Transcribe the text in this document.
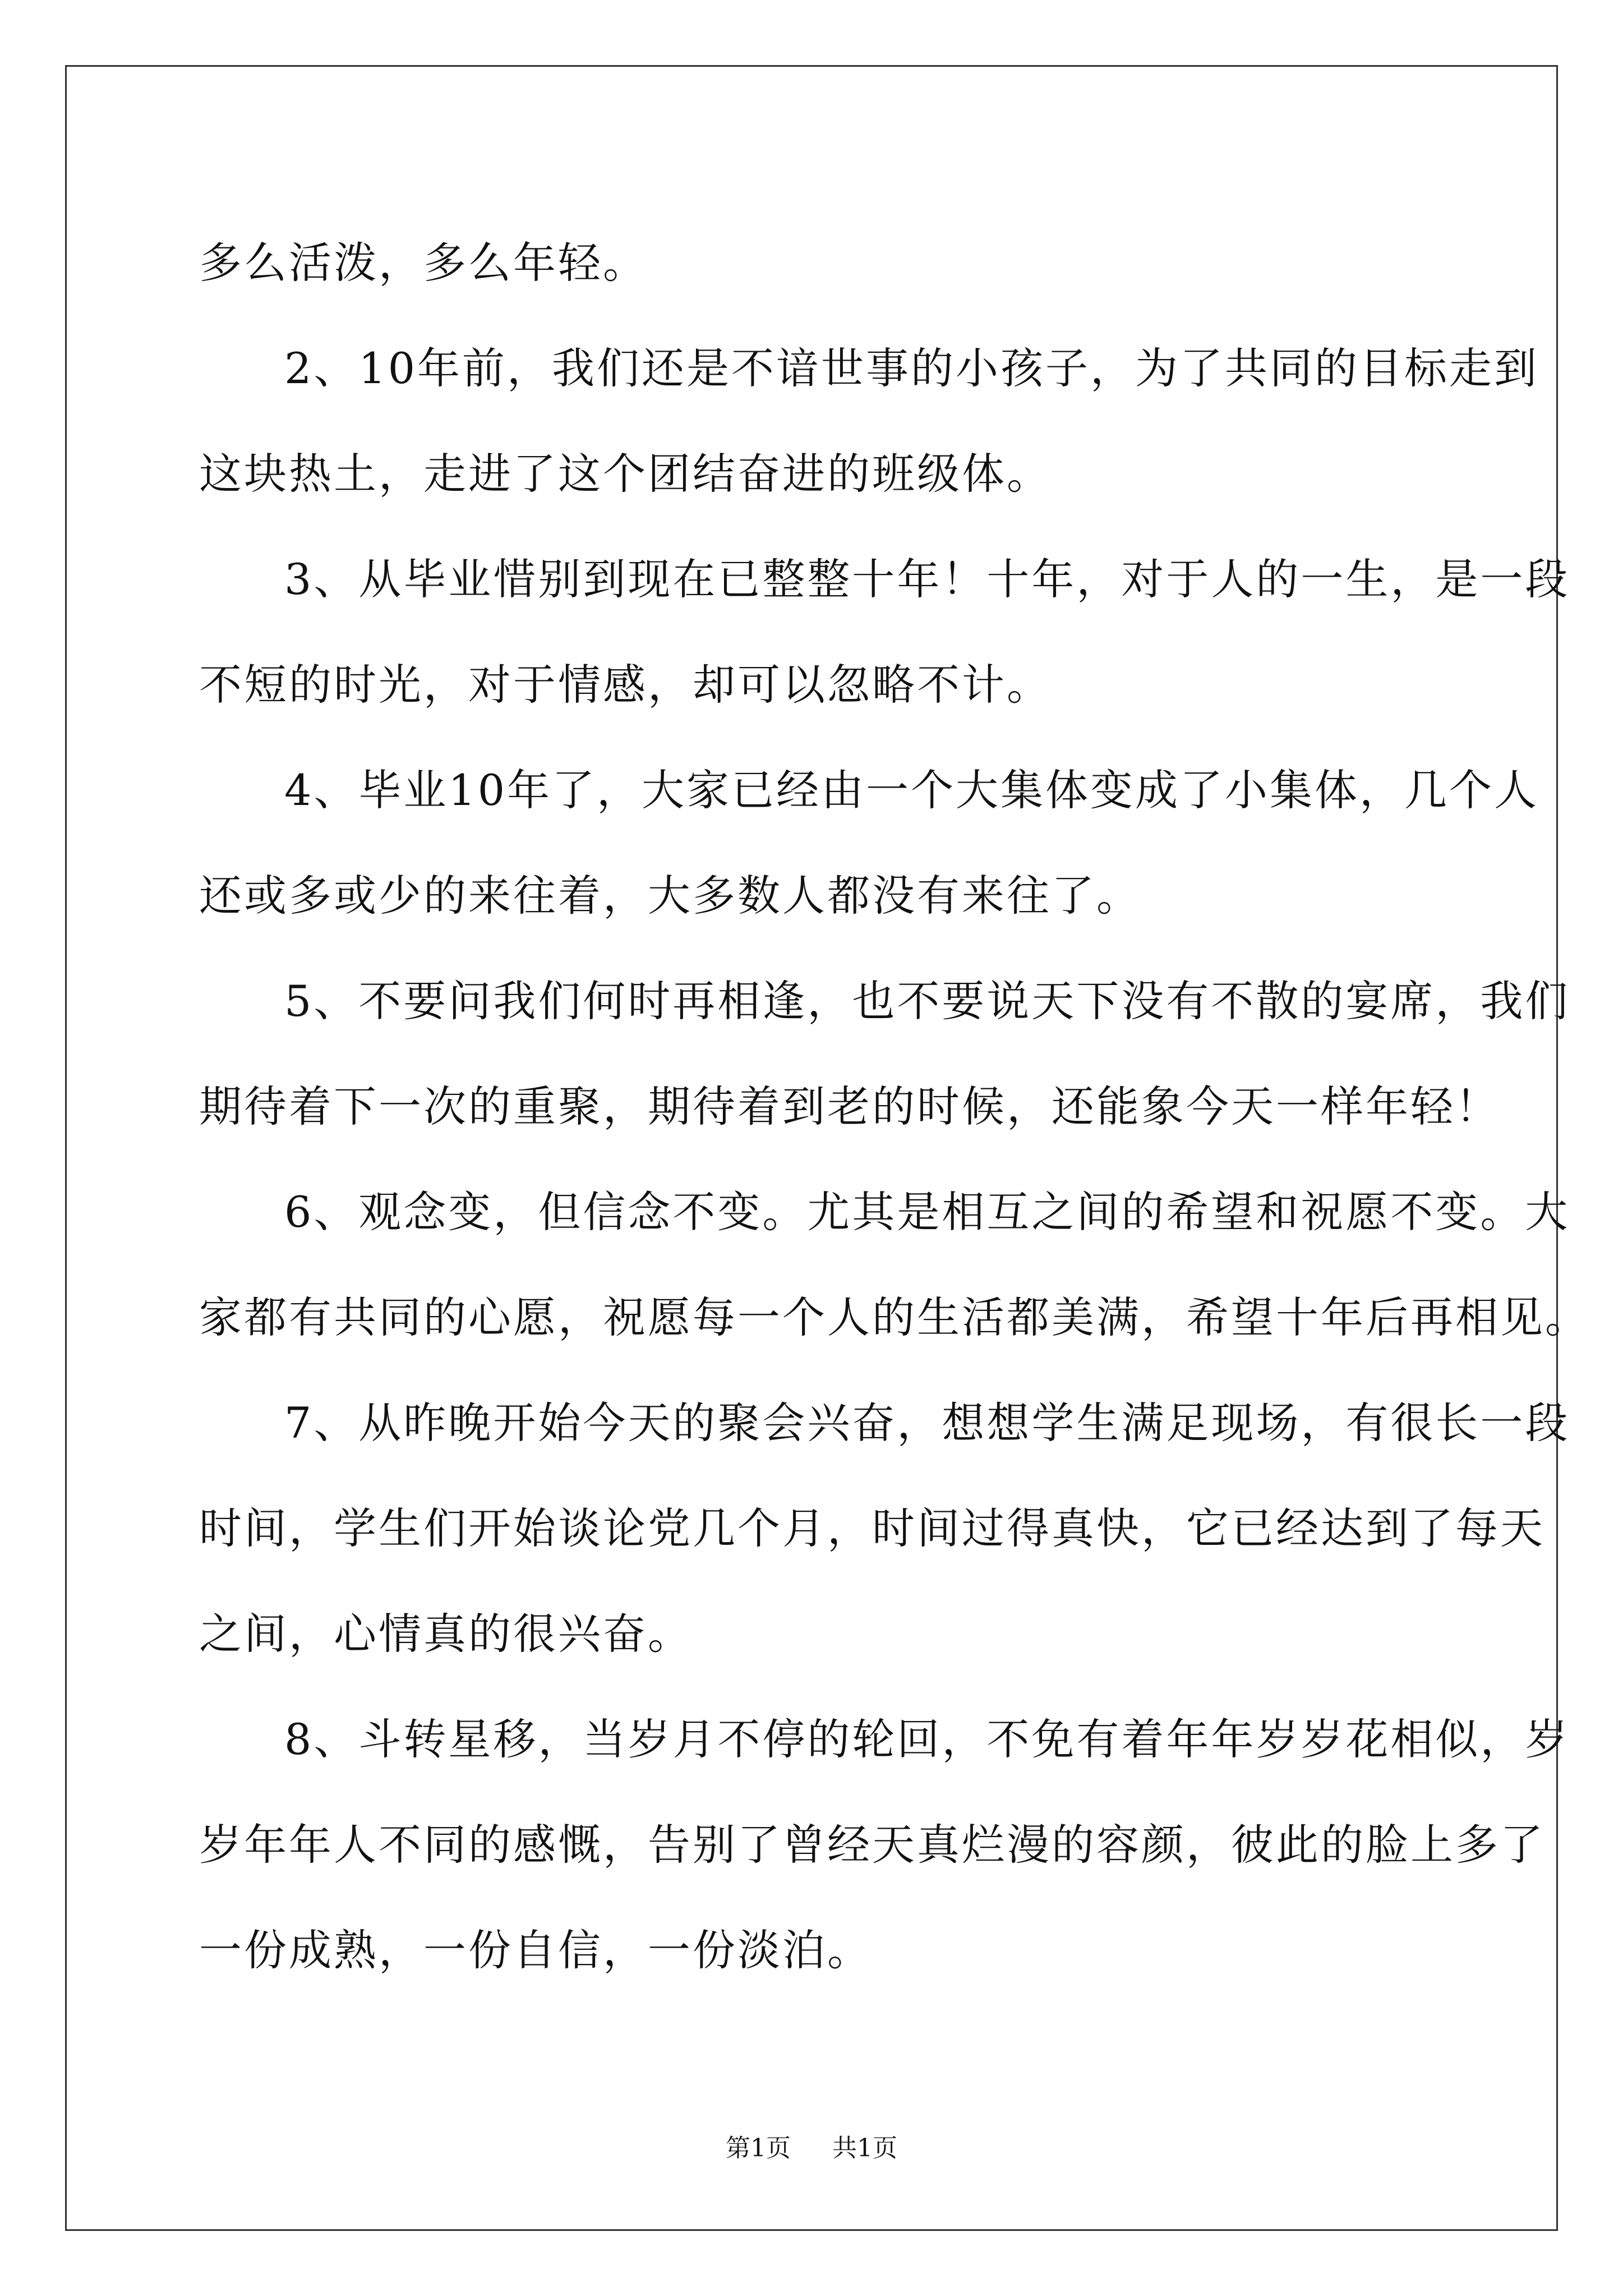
多么活泼，多么年轻。
2、10年前，我们还是不谙世事的小孩子，为了共同的目标走到
这块热土，走进了这个团结奋进的班级体。
3、从毕业惜别到现在已整整十年！十年，对于人的一生，是一段
不短的时光，对于情感，却可以忽略不计。
4、毕业10年了，大家已经由一个大集体变成了小集体，几个人
还或多或少的来往着，大多数人都没有来往了。
5、不要问我们何时再相逢，也不要说天下没有不散的宴席，我们
期待着下一次的重聚，期待着到老的时候，还能象今天一样年轻！
6、观念变，但信念不变。尤其是相互之间的希望和祝愿不变。大
家都有共同的心愿，祝愿每一个人的生活都美满，希望十年后再相见。
7、从昨晚开始今天的聚会兴奋，想想学生满足现场，有很长一段
时间，学生们开始谈论党几个月，时间过得真快，它已经达到了每天
之间，心情真的很兴奋。
8、斗转星移，当岁月不停的轮回，不免有着年年岁岁花相似，岁
岁年年人不同的感慨，告别了曾经天真烂漫的容颜，彼此的脸上多了
一份成熟，一份自信，一份淡泊。
第1页 共1页
